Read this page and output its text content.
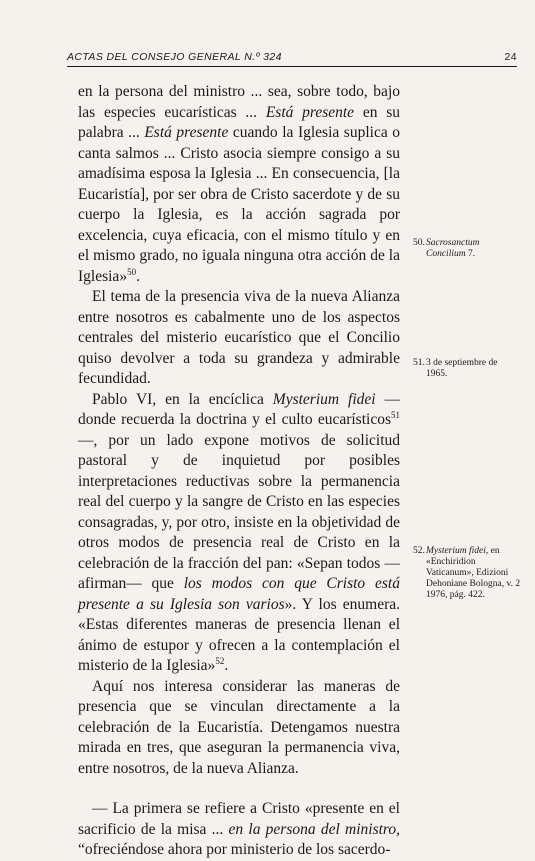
ACTAS DEL CONSEJO GENERAL N.º 324	24

en la persona del ministro ... sea, sobre todo, bajo las especies eucarísticas ... Está presente en su palabra ... Está presente cuando la Iglesia suplica o canta salmos ... Cristo asocia siempre consigo a su amadísima esposa la Iglesia ... En consecuencia, [la Eucaristía], por ser obra de Cristo sacerdote y de su cuerpo la Iglesia, es la acción sagrada por excelencia, cuya eficacia, con el mismo título y en el mismo grado, no iguala ninguna otra acción de la Iglesia»$^{50}$.

El tema de la presencia viva de la nueva Alianza entre nosotros es cabalmente uno de los aspectos centrales del misterio eucarístico que el Concilio quiso devolver a toda su grandeza y admirable fecundidad.

Pablo VI, en la encíclica Mysterium fidei —donde recuerda la doctrina y el culto eucarísticos$^{51}$—, por un lado expone motivos de solicitud pastoral y de inquietud por posibles interpretaciones reductivas sobre la permanencia real del cuerpo y la sangre de Cristo en las especies consagradas, y, por otro, insiste en la objetividad de otros modos de presencia real de Cristo en la celebración de la fracción del pan: «Sepan todos —afirman— que los modos con que Cristo está presente a su Iglesia son varios». Y los enumera. «Estas diferentes maneras de presencia llenan el ánimo de estupor y ofrecen a la contemplación el misterio de la Iglesia»$^{52}$.

Aquí nos interesa considerar las maneras de presencia que se vinculan directamente a la celebración de la Eucaristía. Detengamos nuestra mirada en tres, que aseguran la permanencia viva, entre nosotros, de la nueva Alianza.

— La primera se refiere a Cristo «presente en el sacrificio de la misa ... en la persona del ministro, “ofreciéndose ahora por ministerio de los sacerdo-

50. Sacrosanctum Concilium 7.
51. 3 de septiembre de 1965.
52. Mysterium fidei, en «Enchiridion Vaticanum», Edizioni Dehoniane Bologna, v. 2 1976, pág. 422.
